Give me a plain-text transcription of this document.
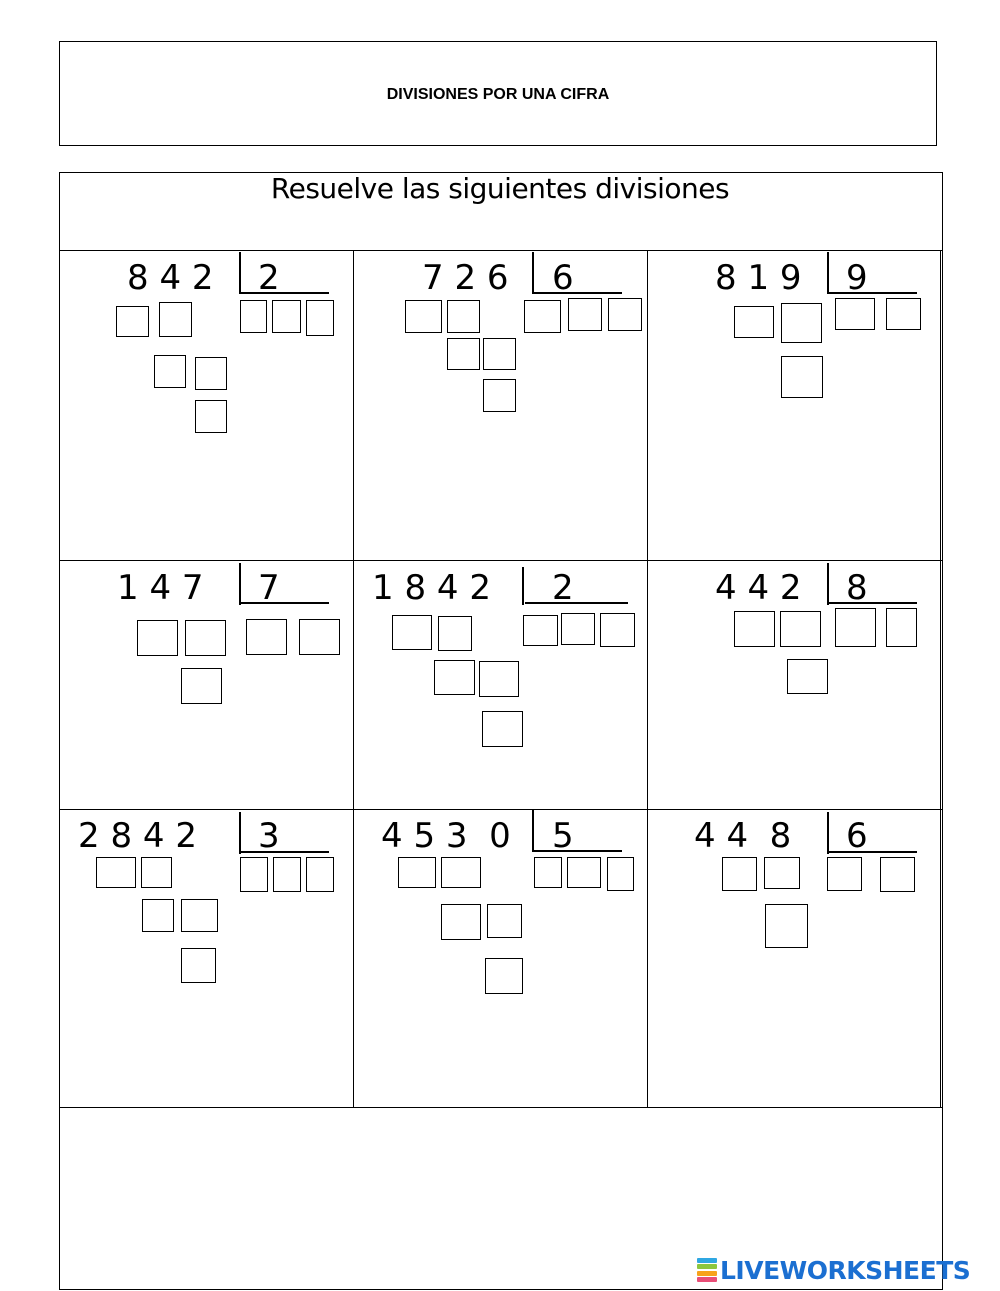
DIVISIONES POR UNA CIFRA
Resuelve las siguientes divisiones
8 4 2 2	7 2 6 6	8 1 9 9
1 4 7 7	1 8 4 2 2	4 4 2 8
2 8 4 2 3	4 5 3  0 5	4 4  8 6
LIVEWORKSHEETS
